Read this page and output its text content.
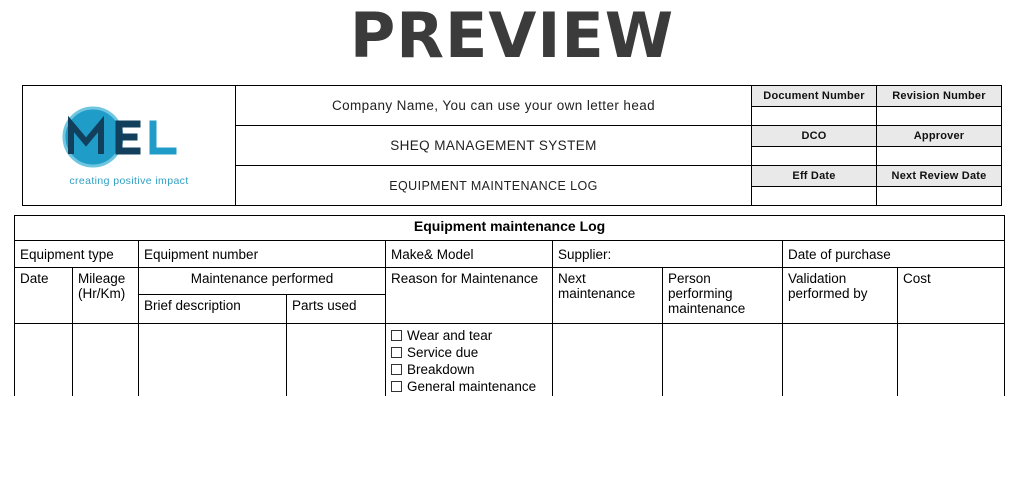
PREVIEW
creating positive impact	Company Name, You can use your own letter head	Document Number	Revision Number

	SHEQ MANAGEMENT SYSTEM	DCO	Approver

	EQUIPMENT MAINTENANCE LOG	Eff Date	Next Review Date

Equipment maintenance Log								
Equipment type		Equipment number		Make& Model	Supplier:		Date of purchase	
Date	Mileage (Hr/Km)	Maintenance performed		Reason for Maintenance	Next maintenance	Person performing maintenance	Validation performed by	Cost
		Brief description	Parts used					

				Wear and tear
Service due
Breakdown
General maintenance				
